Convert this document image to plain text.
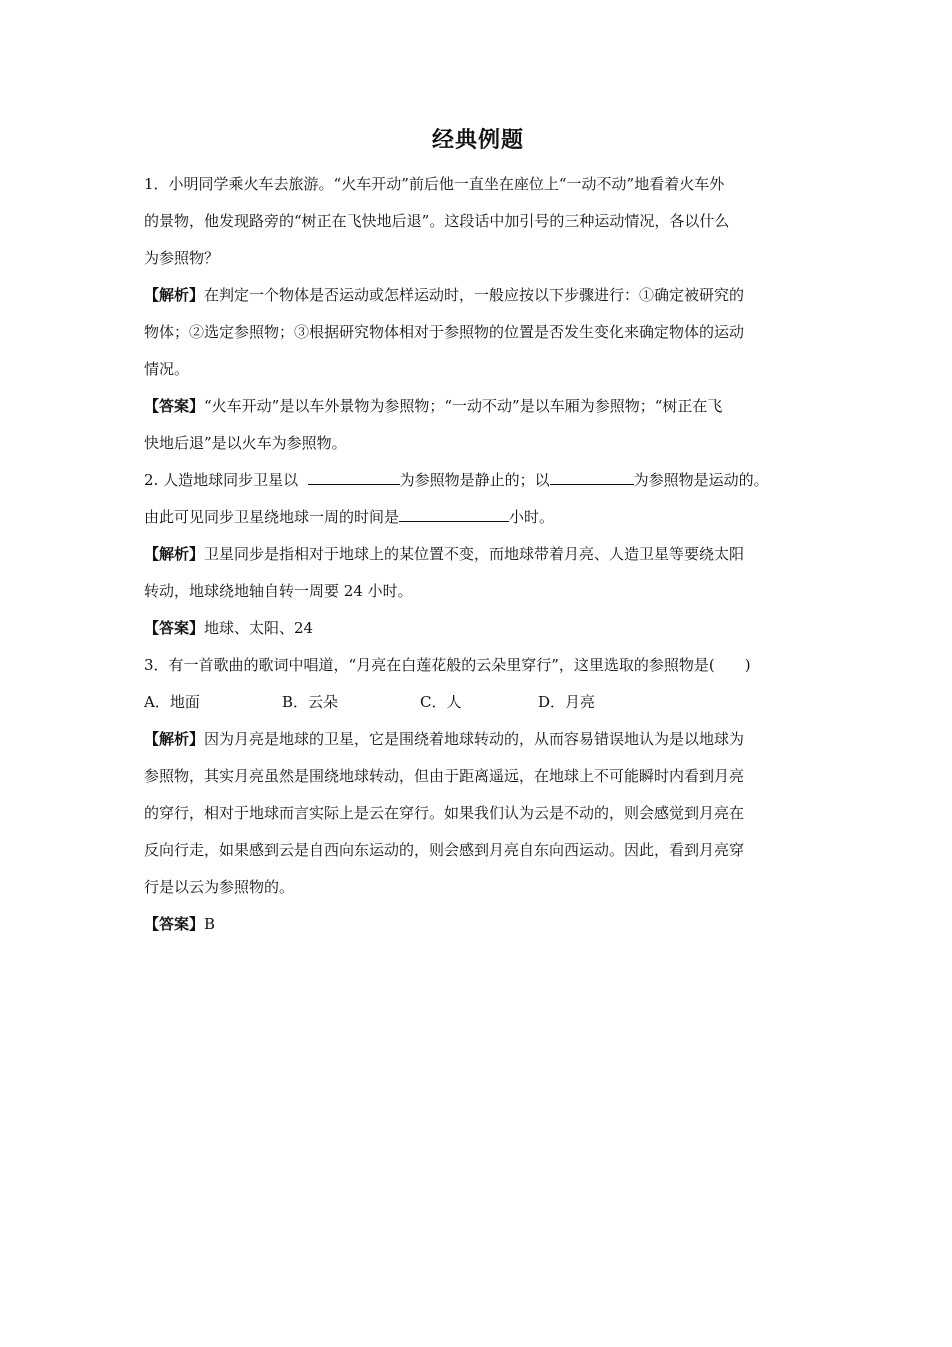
经典例题
1．小明同学乘火车去旅游。“火车开动”前后他一直坐在座位上“一动不动”地看着火车外
的景物，他发现路旁的“树正在飞快地后退”。这段话中加引号的三种运动情况，各以什么
为参照物？
【解析】在判定一个物体是否运动或怎样运动时，一般应按以下步骤进行：①确定被研究的
物体；②选定参照物；③根据研究物体相对于参照物的位置是否发生变化来确定物体的运动
情况。
【答案】“火车开动”是以车外景物为参照物；“一动不动”是以车厢为参照物；“树正在飞
快地后退”是以火车为参照物。
2. 人造地球同步卫星以	为参照物是静止的；以	为参照物是运动的。
由此可见同步卫星绕地球一周的时间是	小时。
【解析】卫星同步是指相对于地球上的某位置不变，而地球带着月亮、人造卫星等要绕太阳
转动，地球绕地轴自转一周要 24 小时。
【答案】地球、太阳、24
3．有一首歌曲的歌词中唱道，“月亮在白莲花般的云朵里穿行”，这里选取的参照物是(　　)
A．地面	B．云朵	C．人	D．月亮
【解析】因为月亮是地球的卫星，它是围绕着地球转动的，从而容易错误地认为是以地球为
参照物，其实月亮虽然是围绕地球转动，但由于距离遥远，在地球上不可能瞬时内看到月亮
的穿行，相对于地球而言实际上是云在穿行。如果我们认为云是不动的，则会感觉到月亮在
反向行走，如果感到云是自西向东运动的，则会感到月亮自东向西运动。因此，看到月亮穿
行是以云为参照物的。
【答案】B
